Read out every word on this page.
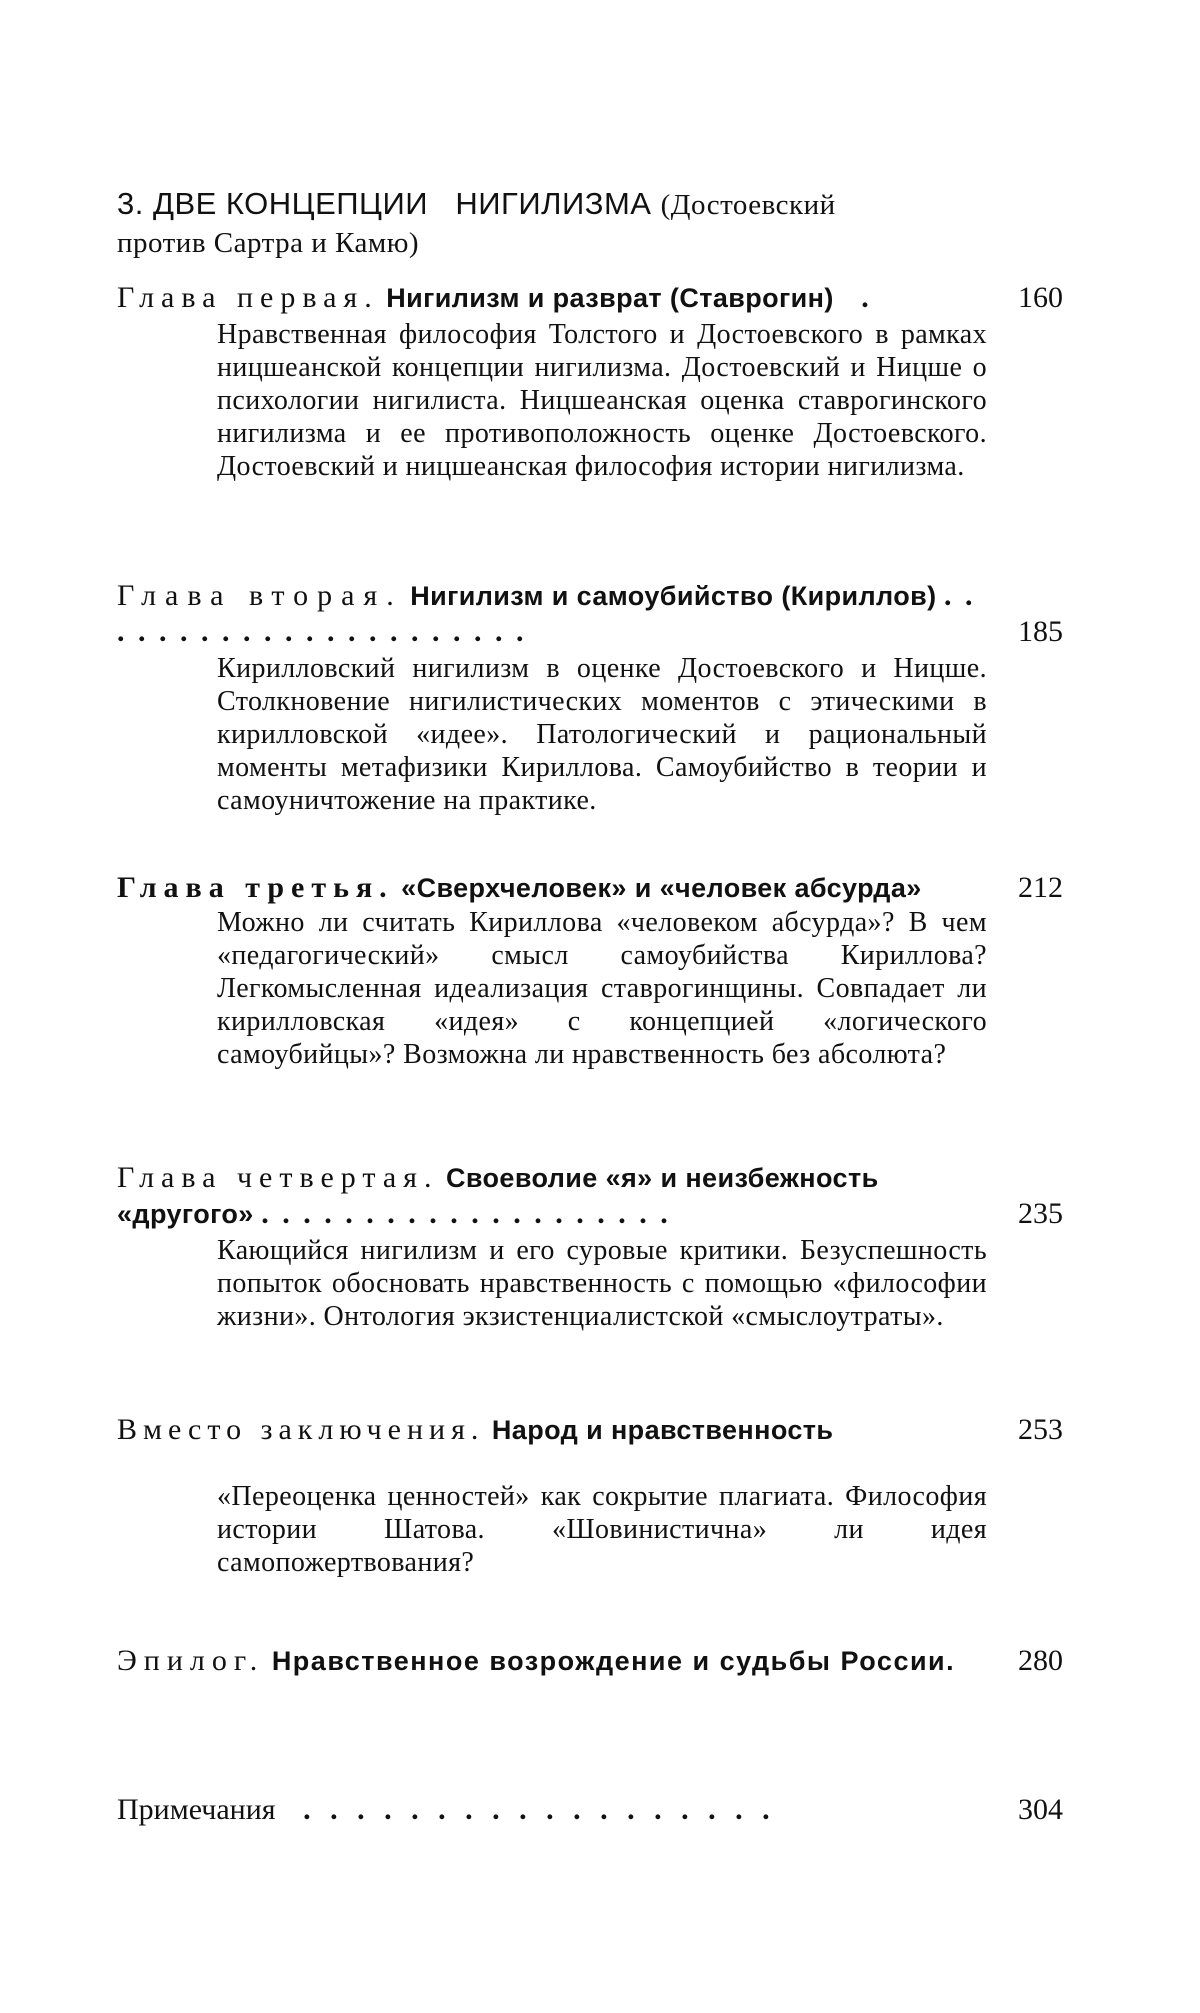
3. ДВЕ КОНЦЕПЦИИ   НИГИЛИЗМА (Достоевский
против Сартра и Камю)
Глава первая. Нигилизм и разврат (Ставрогин) .	160
Нравственная философия Толстого и Достоевского в рамках ницшеанской концепции нигилизма. Достоевский и Ницше о психологии нигилиста. Ницшеанская оценка ставрогинского нигилизма и ее противоположность оценке Достоевского. Достоевский и ницшеанская философия истории нигилизма.
Глава вторая. Нигилизм и самоубийство (Кириллов) . . . . . . . . . . . . . . . . . . . . . .	185
Кирилловский нигилизм в оценке Достоевского и Ницше. Столкновение нигилистических моментов с этическими в кирилловской «идее». Патологический и рациональный моменты метафизики Кириллова. Самоубийство в теории и самоуничтожение на практике.
Глава третья. «Сверхчеловек» и «человек абсурда»	212
Можно ли считать Кириллова «человеком абсурда»? В чем «педагогический» смысл самоубийства Кириллова? Легкомысленная идеализация ставрогинщины. Совпадает ли кирилловская «идея» с концепцией «логического самоубийцы»? Возможна ли нравственность без абсолюта?
Глава четвертая. Своеволие «я» и неизбежность «другого» . . . . . . . . . . . . . . . . . . . .	235
Кающийся нигилизм и его суровые критики. Безуспешность попыток обосновать нравственность с помощью «философии жизни». Онтология экзистенциалистской «смыслоутраты».
Вместо заключения. Народ и нравственность	253
«Переоценка ценностей» как сокрытие плагиата. Философия истории Шатова. «Шовинистична» ли идея самопожертвования?
Эпилог. Нравственное возрождение и судьбы России.	280
Примечания . . . . . . . . . . . . . . . . . .	304
